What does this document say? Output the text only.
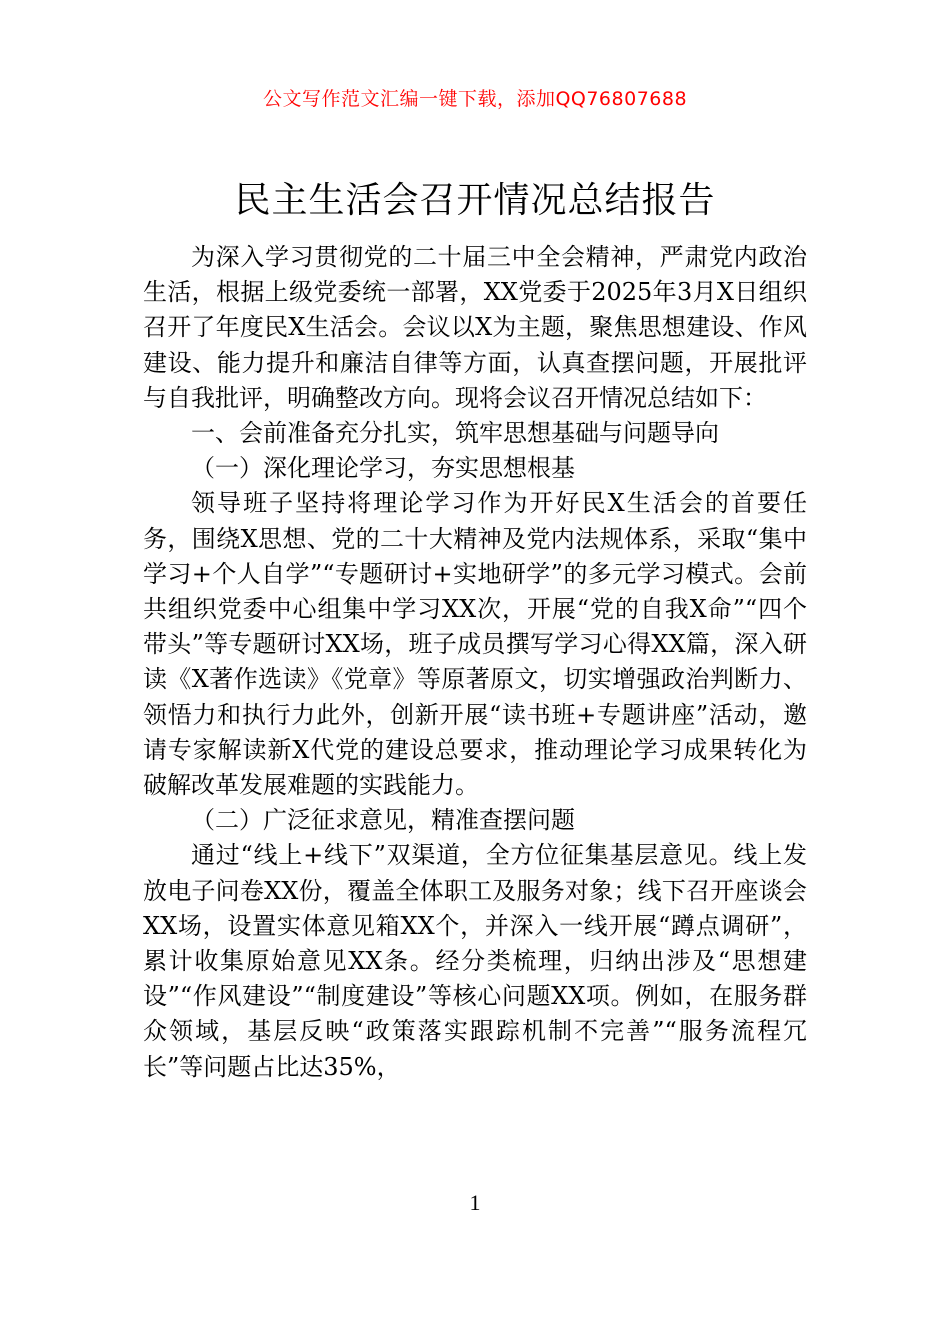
公文写作范文汇编一键下载，添加QQ76807688
民主生活会召开情况总结报告

为深入学习贯彻党的二十届三中全会精神，严肃党内政治生活，根据上级党委统一部署，XX党委于2025年3月X日组织召开了年度民X生活会。会议以X为主题，聚焦思想建设、作风建设、能力提升和廉洁自律等方面，认真查摆问题，开展批评与自我批评，明确整改方向。现将会议召开情况总结如下：

一、会前准备充分扎实，筑牢思想基础与问题导向

（一）深化理论学习，夯实思想根基

领导班子坚持将理论学习作为开好民X生活会的首要任务，围绕X思想、党的二十大精神及党内法规体系，采取“集中学习+个人自学”“专题研讨+实地研学”的多元学习模式。会前共组织党委中心组集中学习XX次，开展“党的自我X命”“四个带头”等专题研讨XX场，班子成员撰写学习心得XX篇，深入研读《X著作选读》《党章》等原著原文，切实增强政治判断力、领悟力和执行力此外，创新开展“读书班+专题讲座”活动，邀请专家解读新X代党的建设总要求，推动理论学习成果转化为破解改革发展难题的实践能力。

（二）广泛征求意见，精准查摆问题

通过“线上+线下”双渠道，全方位征集基层意见。线上发放电子问卷XX份，覆盖全体职工及服务对象；线下召开座谈会XX场，设置实体意见箱XX个，并深入一线开展“蹲点调研”，累计收集原始意见XX条。经分类梳理，归纳出涉及“思想建设”“作风建设”“制度建设”等核心问题XX项。例如，在服务群众领域，基层反映“政策落实跟踪机制不完善”“服务流程冗长”等问题占比达35%，

1
